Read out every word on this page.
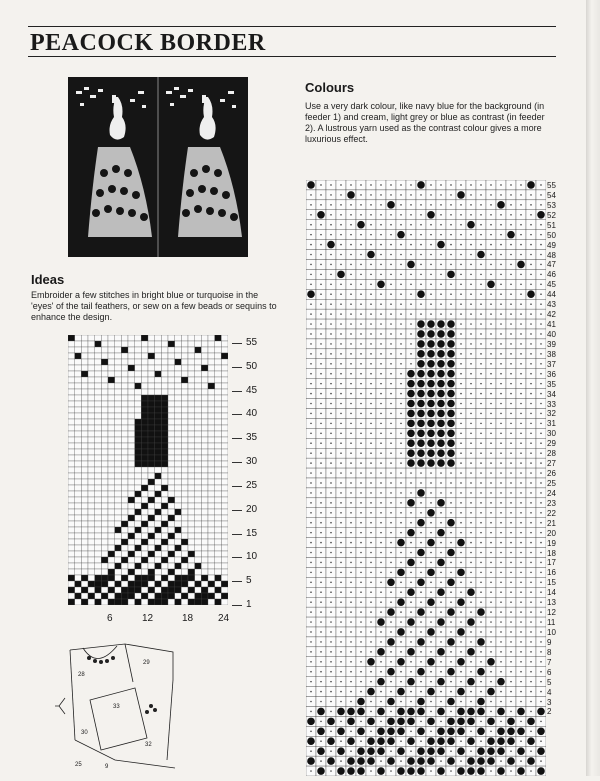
PEACOCK BORDER
Ideas

Embroider a few stitches in bright blue or turquoise in the 'eyes' of the tail feathers, or sew on a few beads or sequins to enhance the design.

55
50
45
40
35
30
25
20
15
10
5
1
6	12	18 24
29
28
33
30
32
25	9
Colours

Use a very dark colour, like navy blue for the background (in feeder 1) and cream, light grey or blue as contrast (in feeder 2). A lustrous yarn used as the contrast colour gives a more luxurious effect.

55
54
53
52
51
50
49
48
47
46
45
44
43
42
41
40
39
38
37
36
35
34
33
32
31
30
29
28
27
26
25
24
23
22
21
20
19
18
17
16
15
14
13
12
11
10
9
8
7
6
5
4
3
2
